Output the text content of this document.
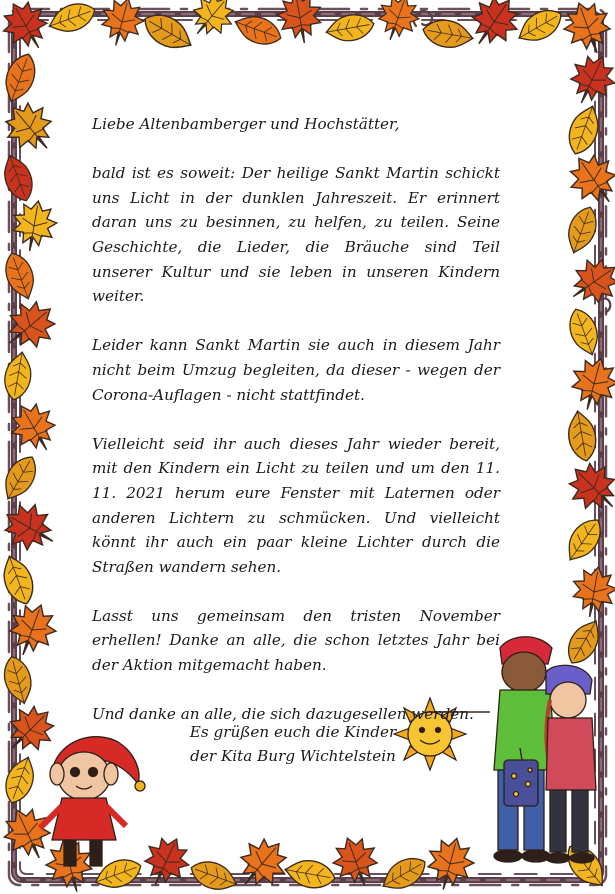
Liebe Altenbamberger und Hochstätter,

bald ist es soweit: Der heilige Sankt Martin schickt uns Licht in der dunklen Jahreszeit. Er erinnert daran uns zu besinnen, zu helfen, zu teilen. Seine Geschichte, die Lieder, die Bräuche sind Teil unserer Kultur und sie leben in unseren Kindern weiter.

Leider kann Sankt Martin sie auch in diesem Jahr nicht beim Umzug begleiten, da dieser - wegen der Corona-Auflagen - nicht stattfindet.

Vielleicht seid ihr auch dieses Jahr wieder bereit, mit den Kindern ein Licht zu teilen und um den 11. 11. 2021 herum eure Fenster mit Laternen oder anderen Lichtern zu schmücken. Und vielleicht könnt ihr auch ein paar kleine Lichter durch die Straßen wandern sehen.

Lasst uns gemeinsam den tristen November erhellen! Danke an alle, die schon letztes Jahr bei der Aktion mitgemacht haben.

Und danke an alle, die sich dazugesellen werden.

Es grüßen euch die Kinder
der Kita Burg Wichtelstein
